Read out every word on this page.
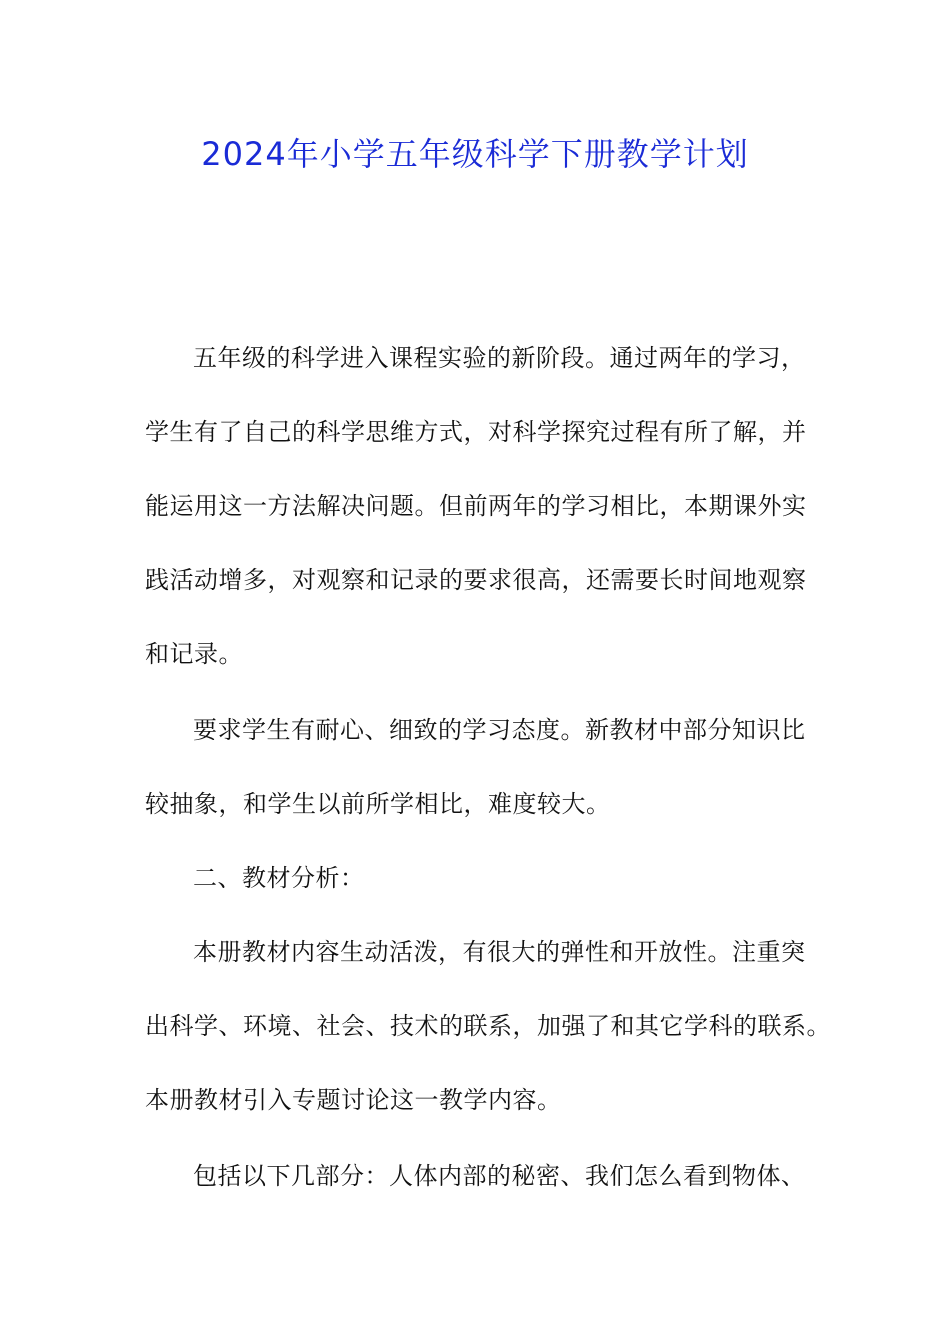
2024年小学五年级科学下册教学计划

五年级的科学进入课程实验的新阶段。通过两年的学习，

学生有了自己的科学思维方式，对科学探究过程有所了解，并

能运用这一方法解决问题。但前两年的学习相比，本期课外实

践活动增多，对观察和记录的要求很高，还需要长时间地观察

和记录。

要求学生有耐心、细致的学习态度。新教材中部分知识比

较抽象，和学生以前所学相比，难度较大。

二、教材分析：

本册教材内容生动活泼，有很大的弹性和开放性。注重突

出科学、环境、社会、技术的联系，加强了和其它学科的联系。

本册教材引入专题讨论这一教学内容。

包括以下几部分：人体内部的秘密、我们怎么看到物体、
